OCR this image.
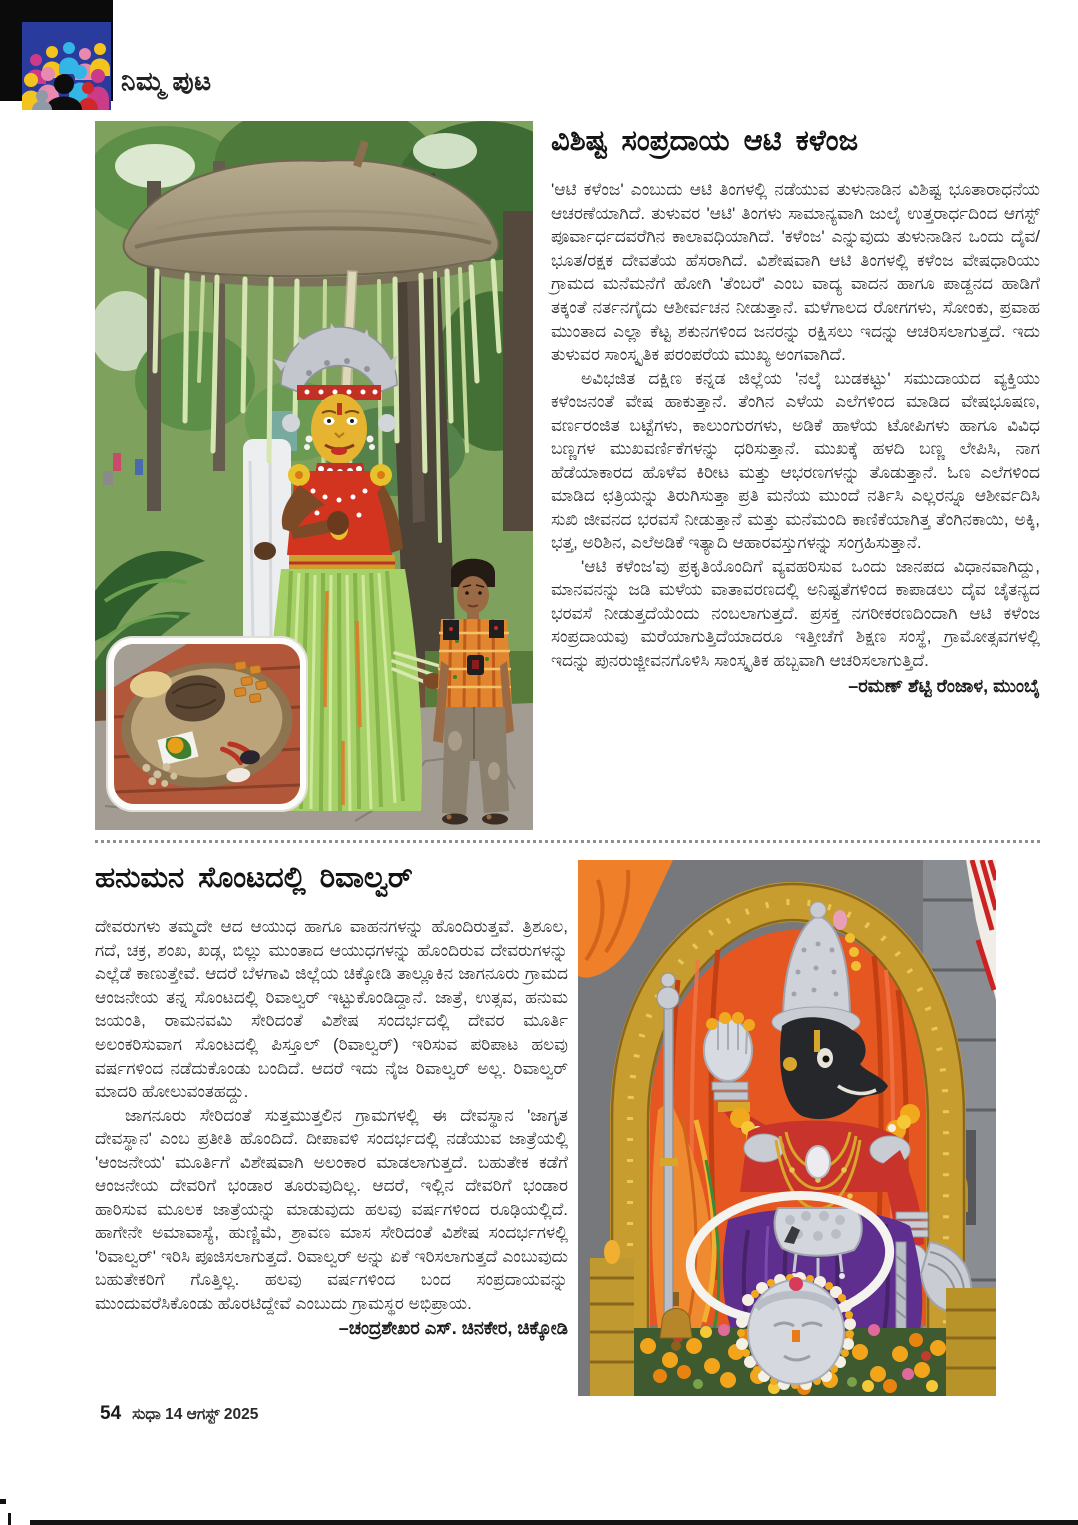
ನಿಮ್ಮ ಪುಟ
ವಿಶಿಷ್ಟ ಸಂಪ್ರದಾಯ ಆಟಿ ಕಳೆಂಜ

'ಆಟಿ ಕಳೆಂಜ' ಎಂಬುದು ಆಟಿ ತಿಂಗಳಲ್ಲಿ ನಡೆಯುವ ತುಳುನಾಡಿನ ವಿಶಿಷ್ಟ ಭೂತಾರಾಧನೆಯ ಆಚರಣೆಯಾಗಿದೆ. ತುಳುವರ 'ಆಟಿ' ತಿಂಗಳು ಸಾಮಾನ್ಯವಾಗಿ ಜುಲೈ ಉತ್ತರಾರ್ಧದಿಂದ ಆಗಸ್ಟ್ ಪೂರ್ವಾರ್ಧದವರೆಗಿನ ಕಾಲಾವಧಿಯಾಗಿದೆ. 'ಕಳೆಂಜ' ಎನ್ನುವುದು ತುಳುನಾಡಿನ ಒಂದು ದೈವ/ಭೂತ/ರಕ್ಷಕ ದೇವತೆಯ ಹೆಸರಾಗಿದೆ. ವಿಶೇಷವಾಗಿ ಆಟಿ ತಿಂಗಳಲ್ಲಿ ಕಳೆಂಜ ವೇಷಧಾರಿಯು ಗ್ರಾಮದ ಮನೆಮನೆಗೆ ಹೋಗಿ 'ತೆಂಬರೆ' ಎಂಬ ವಾದ್ಯ ವಾದನ ಹಾಗೂ ಪಾಡ್ದನದ ಹಾಡಿಗೆ ತಕ್ಕಂತೆ ನರ್ತನಗೈದು ಆಶೀರ್ವಚನ ನೀಡುತ್ತಾನೆ. ಮಳೆಗಾಲದ ರೋಗಗಳು, ಸೋಂಕು, ಪ್ರವಾಹ ಮುಂತಾದ ಎಲ್ಲಾ ಕೆಟ್ಟ ಶಕುನಗಳಿಂದ ಜನರನ್ನು ರಕ್ಷಿಸಲು ಇದನ್ನು ಆಚರಿಸಲಾಗುತ್ತದೆ. ಇದು ತುಳುವರ ಸಾಂಸ್ಕೃತಿಕ ಪರಂಪರೆಯ ಮುಖ್ಯ ಅಂಗವಾಗಿದೆ.

ಅವಿಭಜಿತ ದಕ್ಷಿಣ ಕನ್ನಡ ಜಿಲ್ಲೆಯ 'ನಲ್ಕೆ ಬುಡಕಟ್ಟು' ಸಮುದಾಯದ ವ್ಯಕ್ತಿಯು ಕಳೆಂಜನಂತೆ ವೇಷ ಹಾಕುತ್ತಾನೆ. ತೆಂಗಿನ ಎಳೆಯ ಎಲೆಗಳಿಂದ ಮಾಡಿದ ವೇಷಭೂಷಣ, ವರ್ಣರಂಜಿತ ಬಟ್ಟೆಗಳು, ಕಾಲುಂಗುರಗಳು, ಅಡಿಕೆ ಹಾಳೆಯ ಟೋಪಿಗಳು ಹಾಗೂ ವಿವಿಧ ಬಣ್ಣಗಳ ಮುಖವರ್ಣಿಕೆಗಳನ್ನು ಧರಿಸುತ್ತಾನೆ. ಮುಖಕ್ಕೆ ಹಳದಿ ಬಣ್ಣ ಲೇಪಿಸಿ, ನಾಗ ಹೆಡೆಯಾಕಾರದ ಹೊಳೆವ ಕಿರೀಟ ಮತ್ತು ಆಭರಣಗಳನ್ನು ತೊಡುತ್ತಾನೆ. ಓಣ ಎಲೆಗಳಿಂದ ಮಾಡಿದ ಛತ್ರಿಯನ್ನು ತಿರುಗಿಸುತ್ತಾ ಪ್ರತಿ ಮನೆಯ ಮುಂದೆ ನರ್ತಿಸಿ ಎಲ್ಲರನ್ನೂ ಆಶೀರ್ವದಿಸಿ ಸುಖಿ ಜೀವನದ ಭರವಸೆ ನೀಡುತ್ತಾನೆ ಮತ್ತು ಮನೆಮಂದಿ ಕಾಣಿಕೆಯಾಗಿತ್ತ ತೆಂಗಿನಕಾಯಿ, ಅಕ್ಕಿ, ಭತ್ತ, ಅರಿಶಿನ, ಎಲೆಅಡಿಕೆ ಇತ್ಯಾದಿ ಆಹಾರವಸ್ತುಗಳನ್ನು ಸಂಗ್ರಹಿಸುತ್ತಾನೆ.

'ಆಟಿ ಕಳೆಂಜ'ವು ಪ್ರಕೃತಿಯೊಂದಿಗೆ ವ್ಯವಹರಿಸುವ ಒಂದು ಜಾನಪದ ವಿಧಾನವಾಗಿದ್ದು, ಮಾನವನನ್ನು ಜಡಿ ಮಳೆಯ ವಾತಾವರಣದಲ್ಲಿ ಅನಿಷ್ಟತೆಗಳಿಂದ ಕಾಪಾಡಲು ದೈವ ಚೈತನ್ಯದ ಭರವಸೆ ನೀಡುತ್ತದೆಯೆಂದು ನಂಬಲಾಗುತ್ತದೆ. ಪ್ರಸಕ್ತ ನಗರೀಕರಣದಿಂದಾಗಿ ಆಟಿ ಕಳೆಂಜ ಸಂಪ್ರದಾಯವು ಮರೆಯಾಗುತ್ತಿದೆಯಾದರೂ ಇತ್ತೀಚೆಗೆ ಶಿಕ್ಷಣ ಸಂಸ್ಥೆ, ಗ್ರಾಮೋತ್ಸವಗಳಲ್ಲಿ ಇದನ್ನು ಪುನರುಜ್ಜೀವನಗೊಳಿಸಿ ಸಾಂಸ್ಕೃತಿಕ ಹಬ್ಬವಾಗಿ ಆಚರಿಸಲಾಗುತ್ತಿದೆ.

–ರಮಣ್ ಶೆಟ್ಟಿ ರೆಂಜಾಳ, ಮುಂಬೈ
ಹನುಮನ ಸೊಂಟದಲ್ಲಿ ರಿವಾಲ್ವರ್

ದೇವರುಗಳು ತಮ್ಮದೇ ಆದ ಆಯುಧ ಹಾಗೂ ವಾಹನಗಳನ್ನು ಹೊಂದಿರುತ್ತವೆ. ತ್ರಿಶೂಲ, ಗದೆ, ಚಕ್ರ, ಶಂಖ, ಖಡ್ಗ, ಬಿಲ್ಲು ಮುಂತಾದ ಆಯುಧಗಳನ್ನು ಹೊಂದಿರುವ ದೇವರುಗಳನ್ನು ಎಲ್ಲೆಡೆ ಕಾಣುತ್ತೇವೆ. ಆದರೆ ಬೆಳಗಾವಿ ಜಿಲ್ಲೆಯ ಚಿಕ್ಕೋಡಿ ತಾಲ್ಲೂಕಿನ ಜಾಗನೂರು ಗ್ರಾಮದ ಆಂಜನೇಯ ತನ್ನ ಸೊಂಟದಲ್ಲಿ ರಿವಾಲ್ವರ್ ಇಟ್ಟುಕೊಂಡಿದ್ದಾನೆ. ಜಾತ್ರೆ, ಉತ್ಸವ, ಹನುಮ ಜಯಂತಿ, ರಾಮನವಮಿ ಸೇರಿದಂತೆ ವಿಶೇಷ ಸಂದರ್ಭದಲ್ಲಿ ದೇವರ ಮೂರ್ತಿ ಅಲಂಕರಿಸುವಾಗ ಸೊಂಟದಲ್ಲಿ ಪಿಸ್ತೂಲ್ (ರಿವಾಲ್ವರ್) ಇರಿಸುವ ಪರಿಪಾಟ ಹಲವು ವರ್ಷಗಳಿಂದ ನಡೆದುಕೊಂಡು ಬಂದಿದೆ. ಆದರೆ ಇದು ನೈಜ ರಿವಾಲ್ವರ್ ಅಲ್ಲ. ರಿವಾಲ್ವರ್ ಮಾದರಿ ಹೋಲುವಂತಹದ್ದು.

ಜಾಗನೂರು ಸೇರಿದಂತೆ ಸುತ್ತಮುತ್ತಲಿನ ಗ್ರಾಮಗಳಲ್ಲಿ ಈ ದೇವಸ್ಥಾನ 'ಜಾಗೃತ ದೇವಸ್ಥಾನ' ಎಂಬ ಪ್ರತೀತಿ ಹೊಂದಿದೆ. ದೀಪಾವಳಿ ಸಂದರ್ಭದಲ್ಲಿ ನಡೆಯುವ ಜಾತ್ರೆಯಲ್ಲಿ 'ಆಂಜನೇಯ' ಮೂರ್ತಿಗೆ ವಿಶೇಷವಾಗಿ ಅಲಂಕಾರ ಮಾಡಲಾಗುತ್ತದೆ. ಬಹುತೇಕ ಕಡೆಗೆ ಆಂಜನೇಯ ದೇವರಿಗೆ ಭಂಡಾರ ತೂರುವುದಿಲ್ಲ. ಆದರೆ, ಇಲ್ಲಿನ ದೇವರಿಗೆ ಭಂಡಾರ ಹಾರಿಸುವ ಮೂಲಕ ಜಾತ್ರೆಯನ್ನು ಮಾಡುವುದು ಹಲವು ವರ್ಷಗಳಿಂದ ರೂಢಿಯಲ್ಲಿದೆ. ಹಾಗೇನೇ ಅಮಾವಾಸ್ಯೆ, ಹುಣ್ಣಿಮೆ, ಶ್ರಾವಣ ಮಾಸ ಸೇರಿದಂತೆ ವಿಶೇಷ ಸಂದರ್ಭಗಳಲ್ಲಿ 'ರಿವಾಲ್ವರ್' ಇರಿಸಿ ಪೂಜಿಸಲಾಗುತ್ತದೆ. ರಿವಾಲ್ವರ್ ಅನ್ನು ಏಕೆ ಇರಿಸಲಾಗುತ್ತದೆ ಎಂಬುವುದು ಬಹುತೇಕರಿಗೆ ಗೊತ್ತಿಲ್ಲ. ಹಲವು ವರ್ಷಗಳಿಂದ ಬಂದ ಸಂಪ್ರದಾಯವನ್ನು ಮುಂದುವರೆಸಿಕೊಂಡು ಹೊರಟಿದ್ದೇವೆ ಎಂಬುದು ಗ್ರಾಮಸ್ಥರ ಅಭಿಪ್ರಾಯ.

–ಚಂದ್ರಶೇಖರ ಎಸ್. ಚಿನಕೇರ, ಚಿಕ್ಕೋಡಿ
54 ಸುಧಾ 14 ಆಗಸ್ಟ್ 2025
